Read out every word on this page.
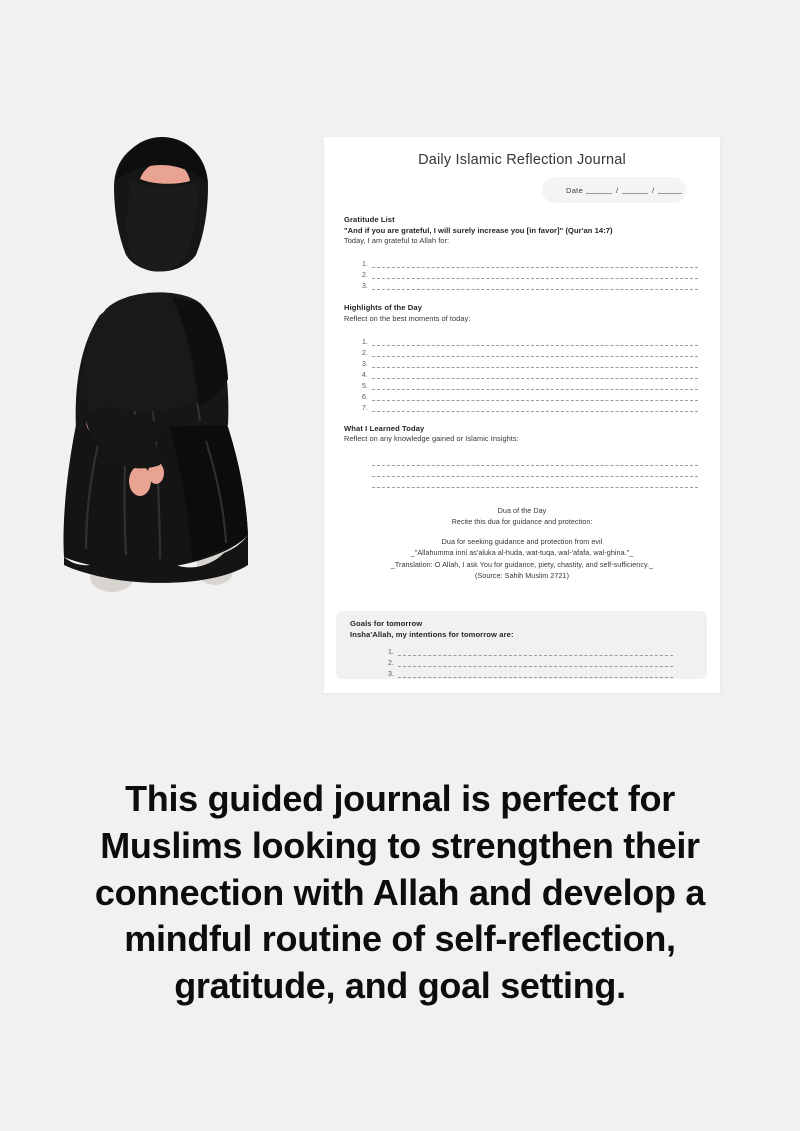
Daily Islamic Reflection Journal
Date	/	/

Gratitude List

"And if you are grateful, I will surely increase you [in favor]" (Qur'an 14:7)

Today, I am grateful to Allah for:

1.
2.
3.

Highlights of the Day

Reflect on the best moments of today:

1.
2.
3.
4.
5.
6.
7.

What I Learned Today

Reflect on any knowledge gained or Islamic Insights:

Dua of the Day

Recite this dua for guidance and protection:

Dua for seeking guidance and protection from evil

_"Allahumma inni as'aluka al-huda, wat-tuqa, wal-'afafa, wal-ghina."_

_Translation: O Allah, I ask You for guidance, piety, chastity, and self-sufficiency._

(Source: Sahih Muslim 2721)

Goals for tomorrow

Insha'Allah, my intentions for tomorrow are:

1.
2.
3.
This guided journal is perfect for Muslims looking to strengthen their connection with Allah and develop a mindful routine of self-reflection, gratitude, and goal setting.
